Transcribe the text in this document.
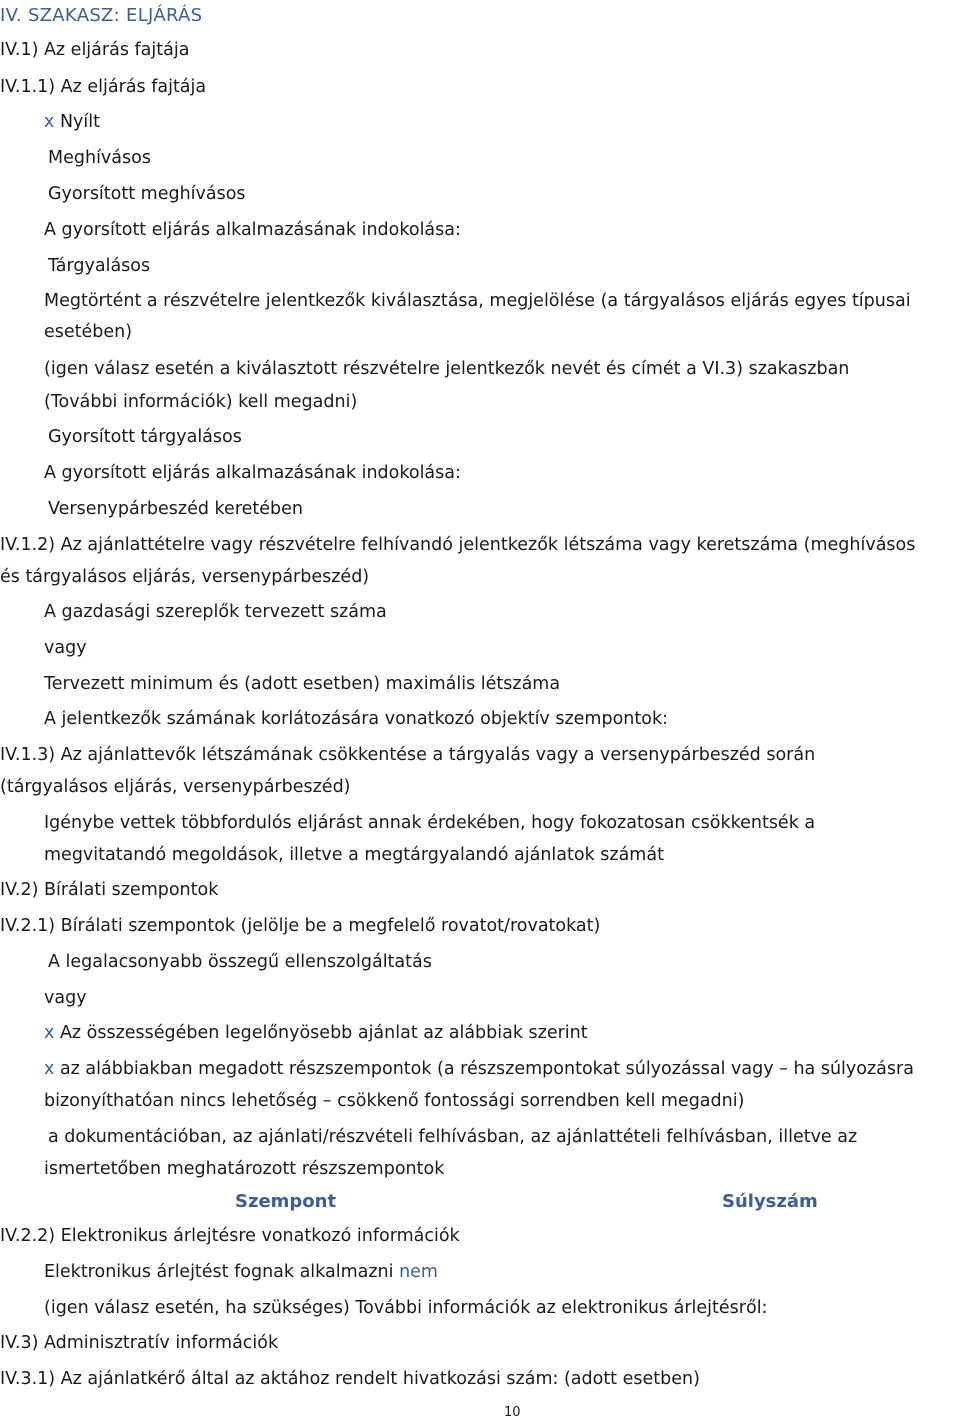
IV. SZAKASZ: ELJÁRÁS
IV.1) Az eljárás fajtája
IV.1.1) Az eljárás fajtája
x Nyílt
Meghívásos
Gyorsított meghívásos
A gyorsított eljárás alkalmazásának indokolása:
Tárgyalásos
Megtörtént a részvételre jelentkezők kiválasztása, megjelölése (a tárgyalásos eljárás egyes típusai
esetében)
(igen válasz esetén a kiválasztott részvételre jelentkezők nevét és címét a VI.3) szakaszban
(További információk) kell megadni)
Gyorsított tárgyalásos
A gyorsított eljárás alkalmazásának indokolása:
Versenypárbeszéd keretében
IV.1.2) Az ajánlattételre vagy részvételre felhívandó jelentkezők létszáma vagy keretszáma (meghívásos
és tárgyalásos eljárás, versenypárbeszéd)
A gazdasági szereplők tervezett száma
vagy
Tervezett minimum és (adott esetben) maximális létszáma
A jelentkezők számának korlátozására vonatkozó objektív szempontok:
IV.1.3) Az ajánlattevők létszámának csökkentése a tárgyalás vagy a versenypárbeszéd során
(tárgyalásos eljárás, versenypárbeszéd)
Igénybe vettek többfordulós eljárást annak érdekében, hogy fokozatosan csökkentsék a
megvitatandó megoldások, illetve a megtárgyalandó ajánlatok számát
IV.2) Bírálati szempontok
IV.2.1) Bírálati szempontok (jelölje be a megfelelő rovatot/rovatokat)
A legalacsonyabb összegű ellenszolgáltatás
vagy
x Az összességében legelőnyösebb ajánlat az alábbiak szerint
x az alábbiakban megadott részszempontok (a részszempontokat súlyozással vagy – ha súlyozásra
bizonyíthatóan nincs lehetőség – csökkenő fontossági sorrendben kell megadni)
a dokumentációban, az ajánlati/részvételi felhívásban, az ajánlattételi felhívásban, illetve az
ismertetőben meghatározott részszempontok
Szempont	Súlyszám
IV.2.2) Elektronikus árlejtésre vonatkozó információk
Elektronikus árlejtést fognak alkalmazni nem
(igen válasz esetén, ha szükséges) További információk az elektronikus árlejtésről:
IV.3) Adminisztratív információk
IV.3.1) Az ajánlatkérő által az aktához rendelt hivatkozási szám: (adott esetben)
10
